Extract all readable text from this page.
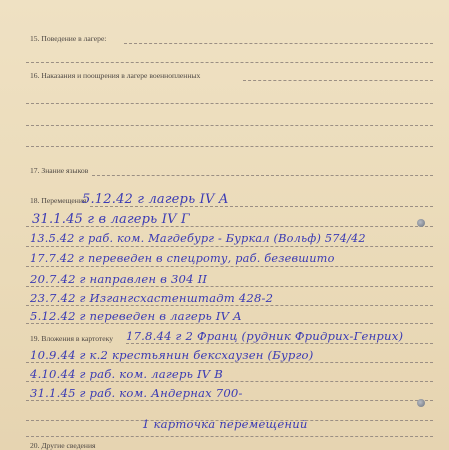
15. Поведение в лагере:
16. Наказания и поощрения в лагере военнопленных
17. Знание языков
18. Перемещения
19. Вложения в картотеку
20. Другие сведения
5.12.42 г лагерь IV A
31.1.45 г в лагерь IV Г
13.5.42 г раб. ком. Магдебург - Буркал (Вольф) 574/42
17.7.42 г переведен в спецроту, раб. безевшито
20.7.42 г направлен в 304 II
23.7.42 г Изгангсхастенштадт 428-2
5.12.42 г переведен в лагерь IV A
17.8.44 г 2 Франц (рудник Фридрих-Генрих)
10.9.44 г к.2 крестьянин бексхаузен (Бурго)
4.10.44 г раб. ком. лагерь IV B
31.1.45 г раб. ком. Андернах 700-
1 карточка перемещений
